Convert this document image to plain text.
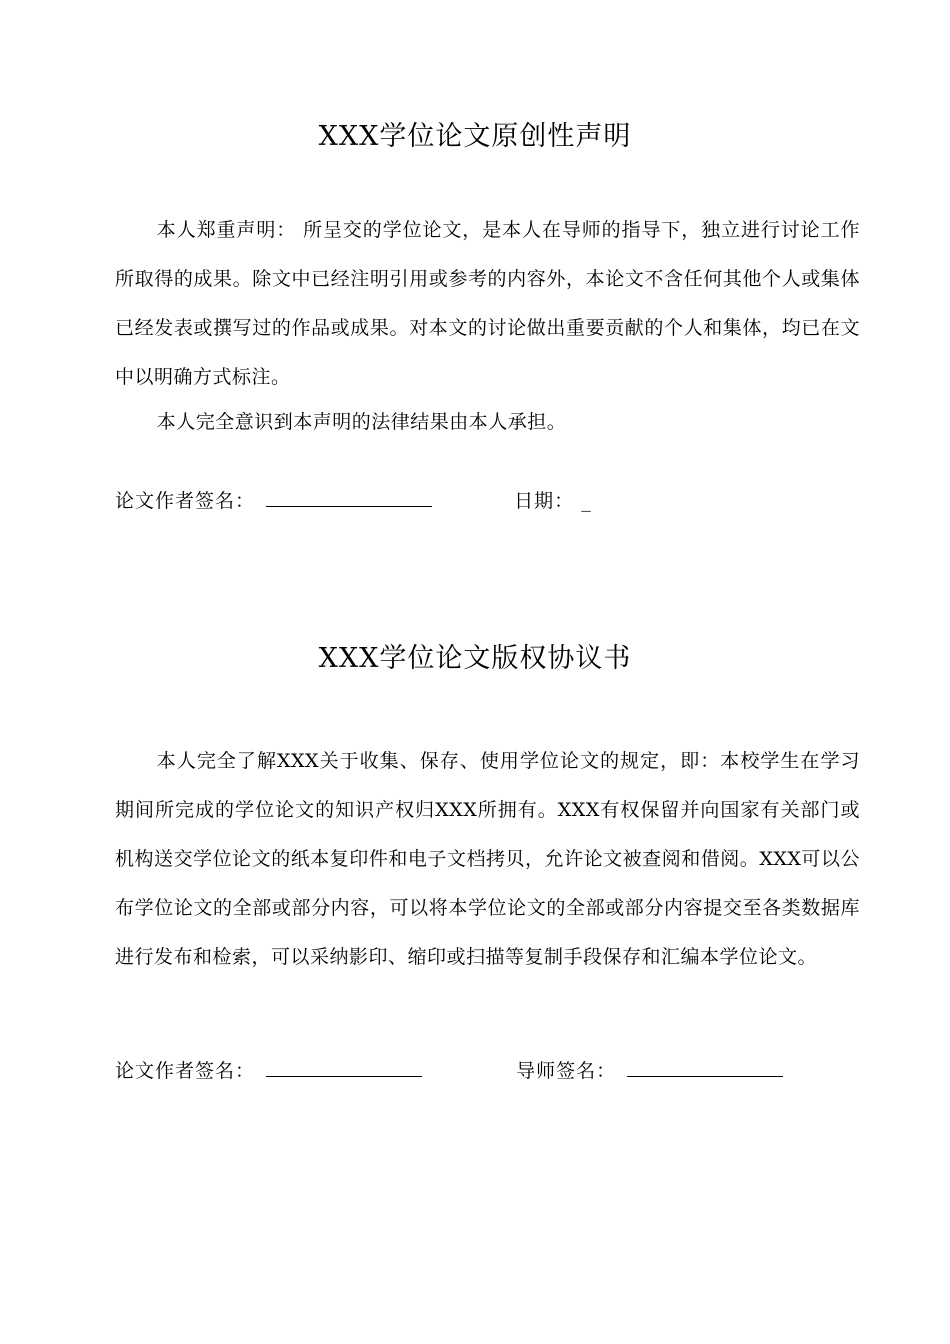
XXX学位论文原创性声明

本人郑重声明： 所呈交的学位论文，是本人在导师的指导下，独立进行讨论工作所取得的成果。除文中已经注明引用或参考的内容外，本论文不含任何其他个人或集体已经发表或撰写过的作品或成果。对本文的讨论做出重要贡献的个人和集体，均已在文中以明确方式标注。

本人完全意识到本声明的法律结果由本人承担。

论文作者签名：	日期： _
XXX学位论文版权协议书

本人完全了解XXX关于收集、保存、使用学位论文的规定，即：本校学生在学习期间所完成的学位论文的知识产权归XXX所拥有。XXX有权保留并向国家有关部门或机构送交学位论文的纸本复印件和电子文档拷贝，允许论文被查阅和借阅。XXX可以公布学位论文的全部或部分内容，可以将本学位论文的全部或部分内容提交至各类数据库进行发布和检索，可以采纳影印、缩印或扫描等复制手段保存和汇编本学位论文。

论文作者签名：	导师签名：
